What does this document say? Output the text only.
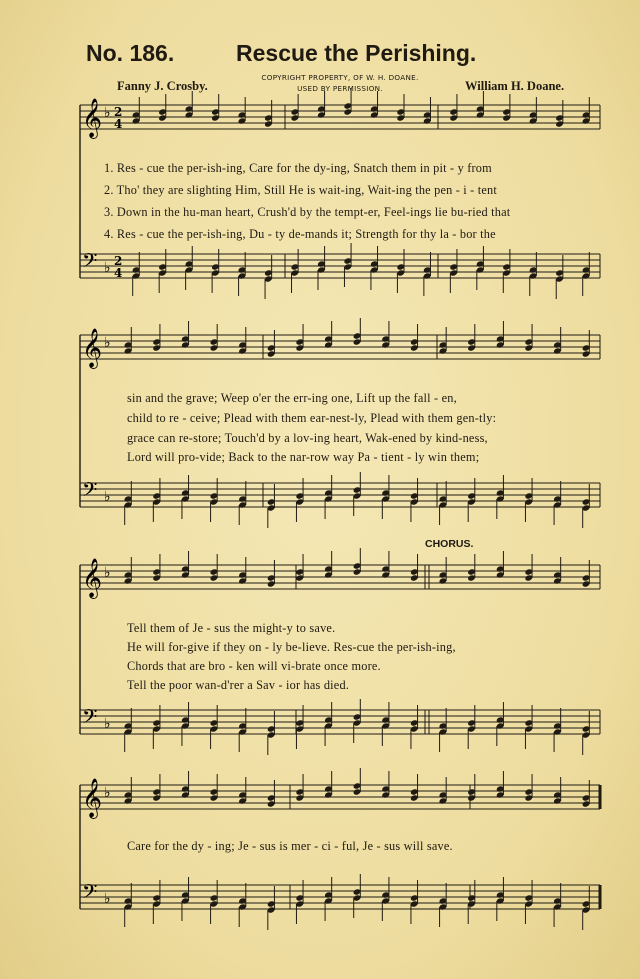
No. 186.	Rescue the Perishing.
COPYRIGHT PROPERTY, OF W. H. DOANE.
USED BY PERMISSION.
Fanny J. Crosby.	William H. Doane.
CHORUS.
𝄞 ♭ 2
4
𝄢 ♭ 2
4
𝄞 ♭
𝄢 ♭
𝄞 ♭
𝄢 ♭
𝄞 ♭
𝄢 ♭
1. Res - cue the per-ish-ing, Care for the dy-ing, Snatch them in pit - y from
2. Tho' they are slighting Him, Still He is wait-ing, Wait-ing the pen - i - tent
3. Down in the hu-man heart, Crush'd by the tempt-er, Feel-ings lie bu-ried that
4. Res - cue the per-ish-ing, Du - ty de-mands it; Strength for thy la - bor the
sin and the grave; Weep o'er the err-ing one, Lift up the fall - en,
child to re - ceive; Plead with them ear-nest-ly, Plead with them gen-tly:
grace can re-store; Touch'd by a lov-ing heart, Wak-ened by kind-ness,
Lord will pro-vide; Back to the nar-row way Pa - tient - ly win them;
Tell them of Je - sus the might-y to save.
He will for-give if they on - ly be-lieve. Res-cue the per-ish-ing,
Chords that are bro - ken will vi-brate once more.
Tell the poor wan-d'rer a Sav - ior has died.
Care for the dy - ing; Je - sus is mer - ci - ful, Je - sus will save.
